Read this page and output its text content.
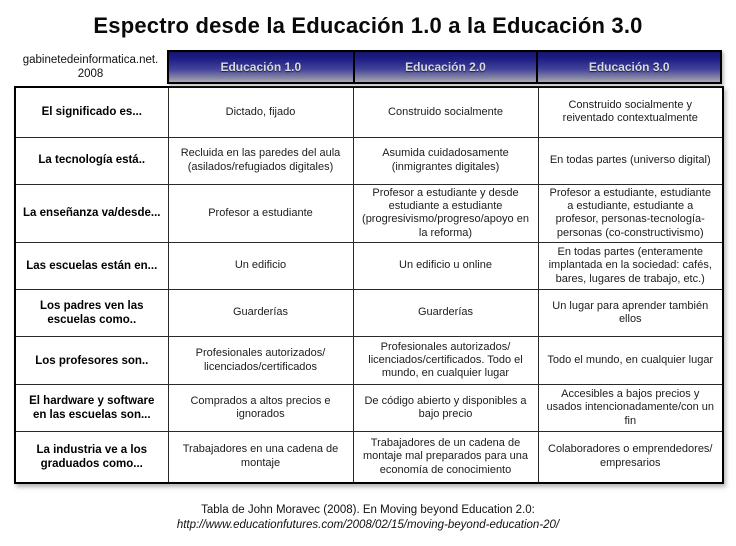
Espectro desde la Educación 1.0 a la Educación 3.0
gabinetedeinformatica.net.
2008	Educación 1.0	Educación 2.0	Educación 3.0
El significado es...	Dictado, fijado	Construido socialmente	Construido socialmente y reiventado contextualmente
La tecnología está..	Recluida en las paredes del aula (asilados/refugiados digitales)	Asumida cuidadosamente (inmigrantes digitales)	En todas partes (universo digital)
La enseñanza va/desde...	Profesor a estudiante	Profesor a estudiante y desde estudiante a estudiante (progresivismo/progreso/apoyo en la reforma)	Profesor a estudiante, estudiante a estudiante, estudiante a profesor, personas-tecnología-personas (co-constructivismo)
Las escuelas están en...	Un edificio	Un edificio u online	En todas partes (enteramente implantada en la sociedad: cafés, bares, lugares de trabajo, etc.)
Los padres ven las escuelas como..	Guarderías	Guarderías	Un lugar para aprender también ellos
Los profesores son..	Profesionales autorizados/ licenciados/certificados	Profesionales autorizados/ licenciados/certificados. Todo el mundo, en cualquier lugar	Todo el mundo, en cualquier lugar
El hardware y software en las escuelas son...	Comprados a altos precios e ignorados	De código abierto y disponibles a bajo precio	Accesibles a bajos precios y usados intencionadamente/con un fin
La industria ve a los graduados como...	Trabajadores en una cadena de montaje	Trabajadores de un cadena de montaje mal preparados para una economía de conocimiento	Colaboradores o emprendedores/ empresarios
Tabla de John Moravec (2008). En Moving beyond Education 2.0:
http://www.educationfutures.com/2008/02/15/moving-beyond-education-20/
